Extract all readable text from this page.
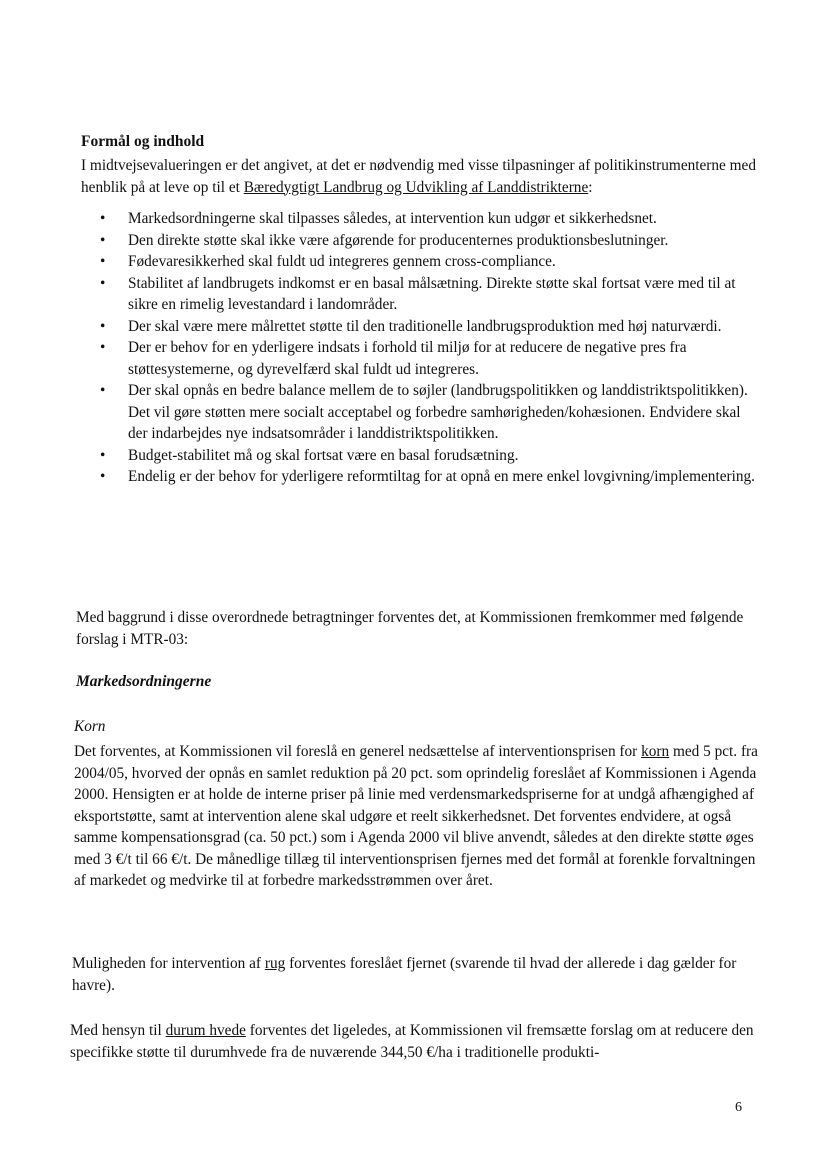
Formål og indhold
I midtvejsevalueringen er det angivet, at det er nødvendig med visse tilpasninger af politikinstrumenterne med henblik på at leve op til et Bæredygtigt Landbrug og Udvikling af Landdistrikterne:
• Markedsordningerne skal tilpasses således, at intervention kun udgør et sikkerhedsnet.
• Den direkte støtte skal ikke være afgørende for producenternes produktionsbeslutninger.
• Fødevaresikkerhed skal fuldt ud integreres gennem cross-compliance.
• Stabilitet af landbrugets indkomst er en basal målsætning. Direkte støtte skal fortsat være med til at sikre en rimelig levestandard i landområder.
• Der skal være mere målrettet støtte til den traditionelle landbrugsproduktion med høj naturværdi.
• Der er behov for en yderligere indsats i forhold til miljø for at reducere de negative pres fra støttesystemerne, og dyrevelfærd skal fuldt ud integreres.
• Der skal opnås en bedre balance mellem de to søjler (landbrugspolitikken og landdistriktspolitikken). Det vil gøre støtten mere socialt acceptabel og forbedre samhørigheden/kohæsionen. Endvidere skal der indarbejdes nye indsatsområder i landdistriktspolitikken.
• Budget-stabilitet må og skal fortsat være en basal forudsætning.
• Endelig er der behov for yderligere reformtiltag for at opnå en mere enkel lovgivning/implementering.
Med baggrund i disse overordnede betragtninger forventes det, at Kommissionen fremkommer med følgende forslag i MTR-03:
Markedsordningerne
Korn
Det forventes, at Kommissionen vil foreslå en generel nedsættelse af interventionsprisen for korn med 5 pct. fra 2004/05, hvorved der opnås en samlet reduktion på 20 pct. som oprindelig foreslået af Kommissionen i Agenda 2000. Hensigten er at holde de interne priser på linie med verdensmarkedspriserne for at undgå afhængighed af eksportstøtte, samt at intervention alene skal udgøre et reelt sikkerhedsnet. Det forventes endvidere, at også samme kompensationsgrad (ca. 50 pct.) som i Agenda 2000 vil blive anvendt, således at den direkte støtte øges med 3 €/t til 66 €/t. De månedlige tillæg til interventionsprisen fjernes med det formål at forenkle forvaltningen af markedet og medvirke til at forbedre markedsstrømmen over året.
Muligheden for intervention af rug forventes foreslået fjernet (svarende til hvad der allerede i dag gælder for havre).
Med hensyn til durum hvede forventes det ligeledes, at Kommissionen vil fremsætte forslag om at reducere den specifikke støtte til durumhvede fra de nuværende 344,50 €/ha i traditionelle produkti-
6
